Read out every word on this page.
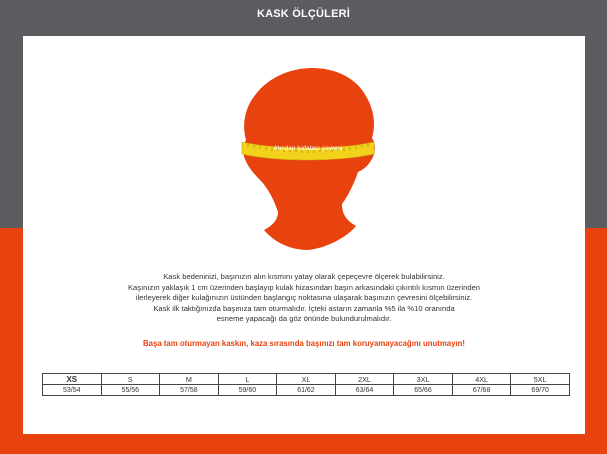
KASK ÖLÇÜLERİ
Alından kafatası çevresi

Kask bedeninizi, başınızın alın kısmını yatay olarak çepeçevre ölçerek bulabilirsiniz.

Kaşınızın yaklaşık 1 cm üzerinden başlayıp kulak hizasından başın arkasındaki çıkıntılı kısmın üzerinden

ilerleyerek diğer kulağınızın üstünden başlangıç noktasına ulaşarak başınızın çevresini ölçebilirsiniz.

Kask ilk taktığınızda başınıza tam oturmalıdır. İçteki astarın zamanla %5 ila %10 oranında

esneme yapacağı da göz önünde bulundurulmalıdır.

Başa tam oturmayan kaskın, kaza sırasında başınızı tam koruyamayacağını unutmayın!
XS	S	M	L	XL	2XL	3XL	4XL	5XL
53/54	55/56	57/58	59/60	61/62	63/64	65/66	67/68	69/70
